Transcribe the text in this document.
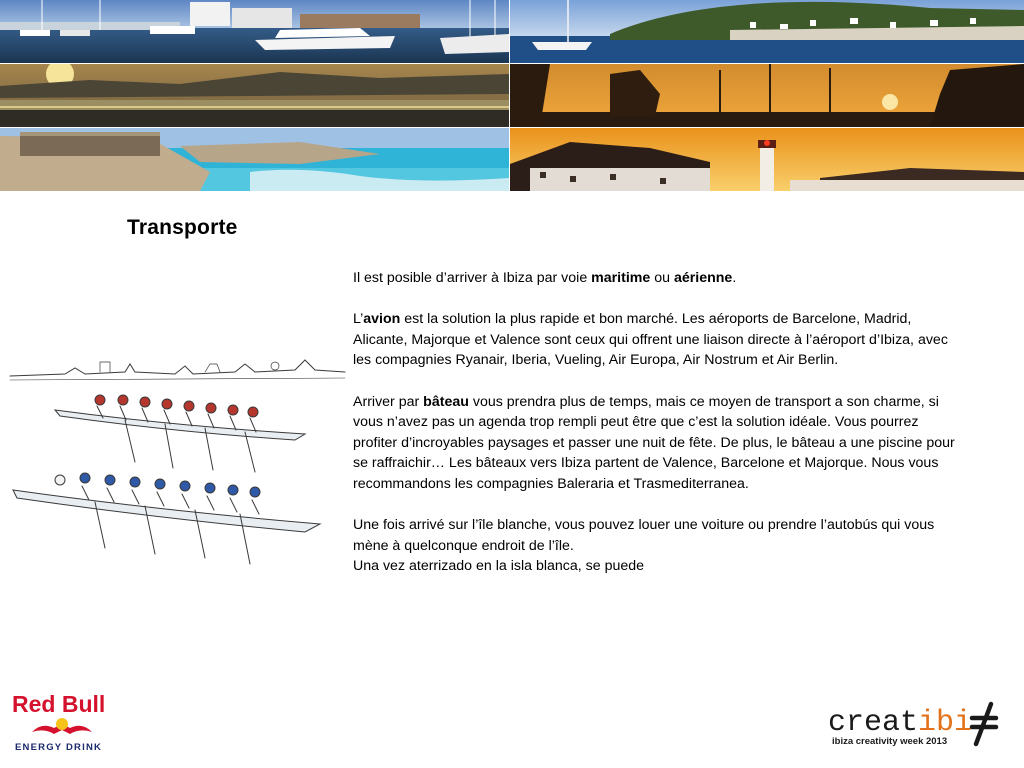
Transporte

Il est posible d’arriver à Ibiza par voie maritime ou aérienne.

L’avion est la solution la plus rapide et bon marché. Les aéroports de Barcelone, Madrid, Alicante, Majorque et Valence sont ceux qui offrent une liaison directe à l’aéroport d’Ibiza, avec les compagnies Ryanair, Iberia, Vueling, Air Europa, Air Nostrum et Air Berlin.

Arriver par bâteau vous prendra plus de temps, mais ce moyen de transport a son charme, si vous n’avez pas un agenda trop rempli peut être que c’est la solution idéale. Vous pourrez profiter d’incroyables paysages et passer une nuit de fête. De plus, le bâteau a une piscine pour se raffraichir… Les bâteaux vers Ibiza partent de Valence, Barcelone et Majorque. Nous vous recommandons les compagnies Baleraria et Trasmediterranea.

Une fois arrivé sur l’île blanche, vous pouvez louer une voiture ou prendre l’autobús qui vous mène à quelconque endroit de l’île.
Una vez aterrizado en la isla blanca, se puede

Red Bull
ENERGY DRINK
creat ibi
ibiza creativity week 2013
